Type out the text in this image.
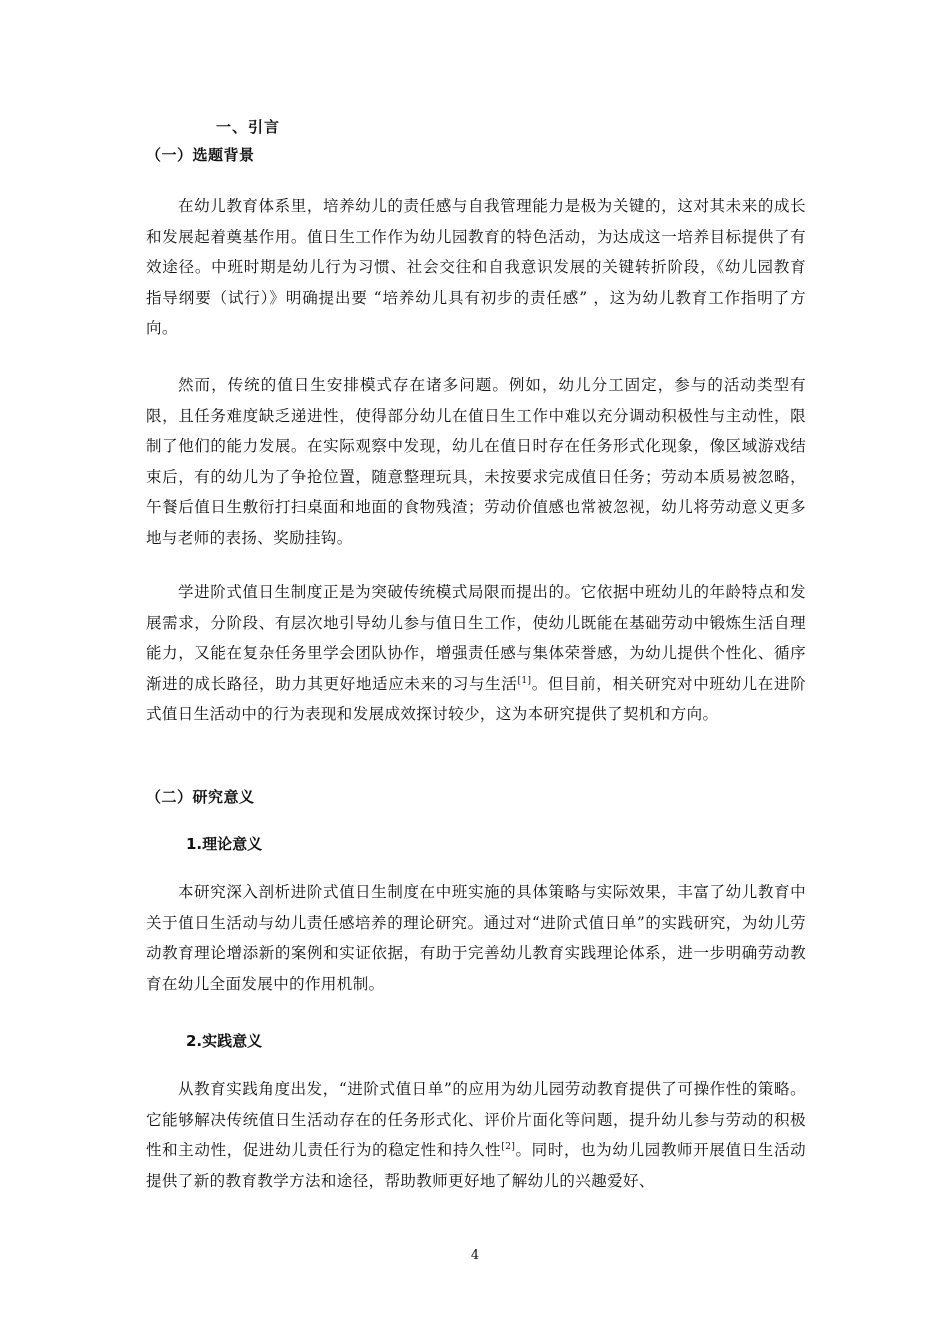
一、引言
（一）选题背景
在幼儿教育体系里，培养幼儿的责任感与自我管理能力是极为关键的，这对其未来的成长和发展起着奠基作用。值日生工作作为幼儿园教育的特色活动，为达成这一培养目标提供了有效途径。中班时期是幼儿行为习惯、社会交往和自我意识发展的关键转折阶段，《幼儿园教育指导纲要（试行）》明确提出要 “培养幼儿具有初步的责任感” ，这为幼儿教育工作指明了方向。
然而，传统的值日生安排模式存在诸多问题。例如，幼儿分工固定，参与的活动类型有限，且任务难度缺乏递进性，使得部分幼儿在值日生工作中难以充分调动积极性与主动性，限制了他们的能力发展。在实际观察中发现，幼儿在值日时存在任务形式化现象，像区域游戏结束后，有的幼儿为了争抢位置，随意整理玩具，未按要求完成值日任务；劳动本质易被忽略，午餐后值日生敷衍打扫桌面和地面的食物残渣；劳动价值感也常被忽视，幼儿将劳动意义更多地与老师的表扬、奖励挂钩。
学进阶式值日生制度正是为突破传统模式局限而提出的。它依据中班幼儿的年龄特点和发展需求，分阶段、有层次地引导幼儿参与值日生工作，使幼儿既能在基础劳动中锻炼生活自理能力，又能在复杂任务里学会团队协作，增强责任感与集体荣誉感，为幼儿提供个性化、循序渐进的成长路径，助力其更好地适应未来的习与生活[1]。但目前，相关研究对中班幼儿在进阶式值日生活动中的行为表现和发展成效探讨较少，这为本研究提供了契机和方向。
（二）研究意义
1.理论意义
本研究深入剖析进阶式值日生制度在中班实施的具体策略与实际效果，丰富了幼儿教育中关于值日生活动与幼儿责任感培养的理论研究。通过对“进阶式值日单”的实践研究，为幼儿劳动教育理论增添新的案例和实证依据，有助于完善幼儿教育实践理论体系，进一步明确劳动教育在幼儿全面发展中的作用机制。
2.实践意义
从教育实践角度出发，“进阶式值日单”的应用为幼儿园劳动教育提供了可操作性的策略。它能够解决传统值日生活动存在的任务形式化、评价片面化等问题，提升幼儿参与劳动的积极性和主动性，促进幼儿责任行为的稳定性和持久性[2]。同时，也为幼儿园教师开展值日生活动提供了新的教育教学方法和途径，帮助教师更好地了解幼儿的兴趣爱好、
4
